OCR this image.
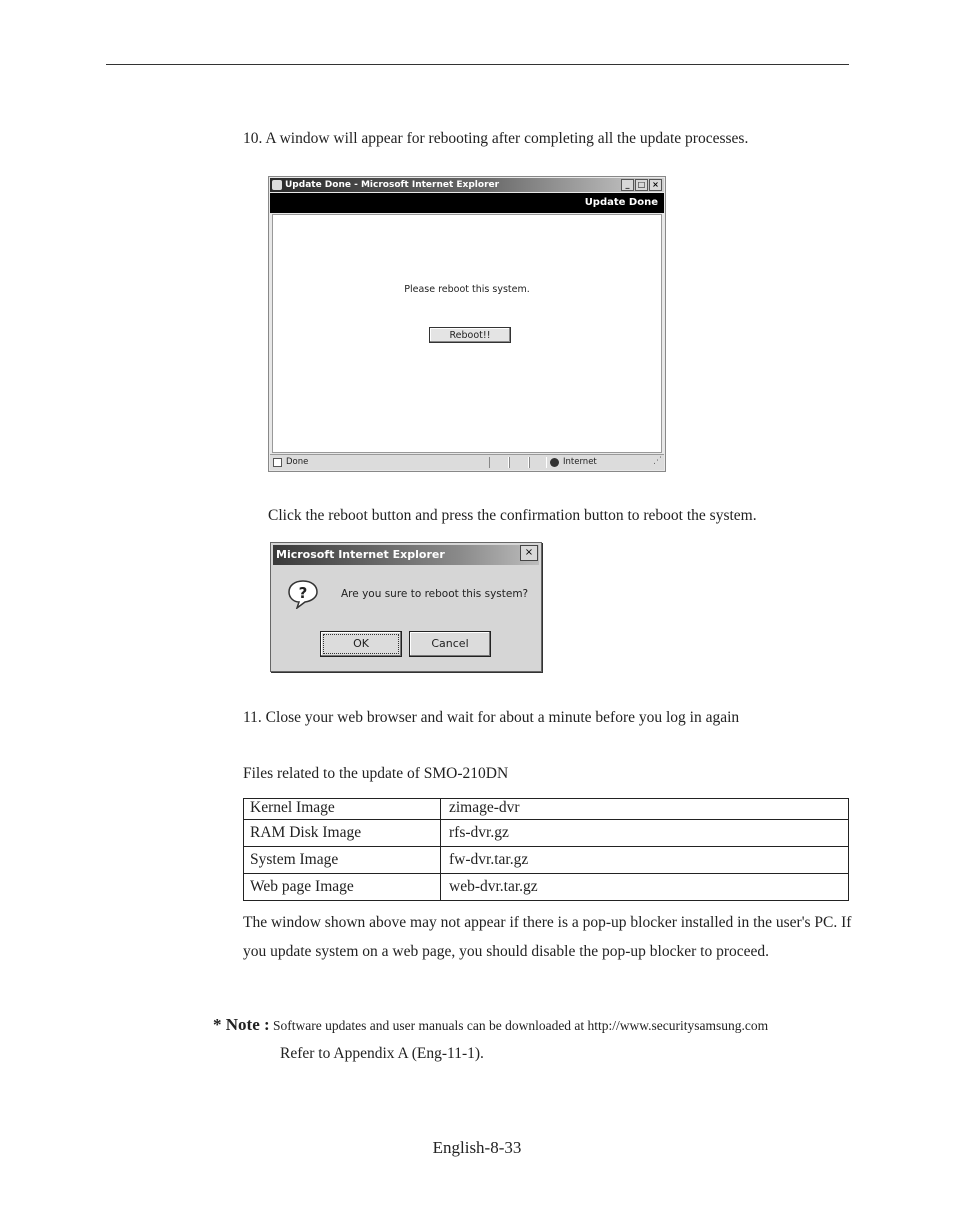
10. A window will appear for rebooting after completing all the update processes.
Update Done - Microsoft Internet Explorer	_ □ ×
Update Done
Please reboot this system.
Reboot!!
Done	Internet	⋰
Click the reboot button and press the confirmation button to reboot the system.
Microsoft Internet Explorer	×
?	Are you sure to reboot this system?
OK	Cancel
11. Close your web browser and wait for about a minute before you log in again
Files related to the update of SMO-210DN
Kernel Image	zimage-dvr
RAM Disk Image	rfs-dvr.gz
System Image	fw-dvr.tar.gz
Web page Image	web-dvr.tar.gz
The window shown above may not appear if there is a pop-up blocker installed in the user's PC. If you update system on a web page, you should disable the pop-up blocker to proceed.
* Note : Software updates and user manuals can be downloaded at http://www.securitysamsung.com
Refer to Appendix A (Eng-11-1).
English-8-33
